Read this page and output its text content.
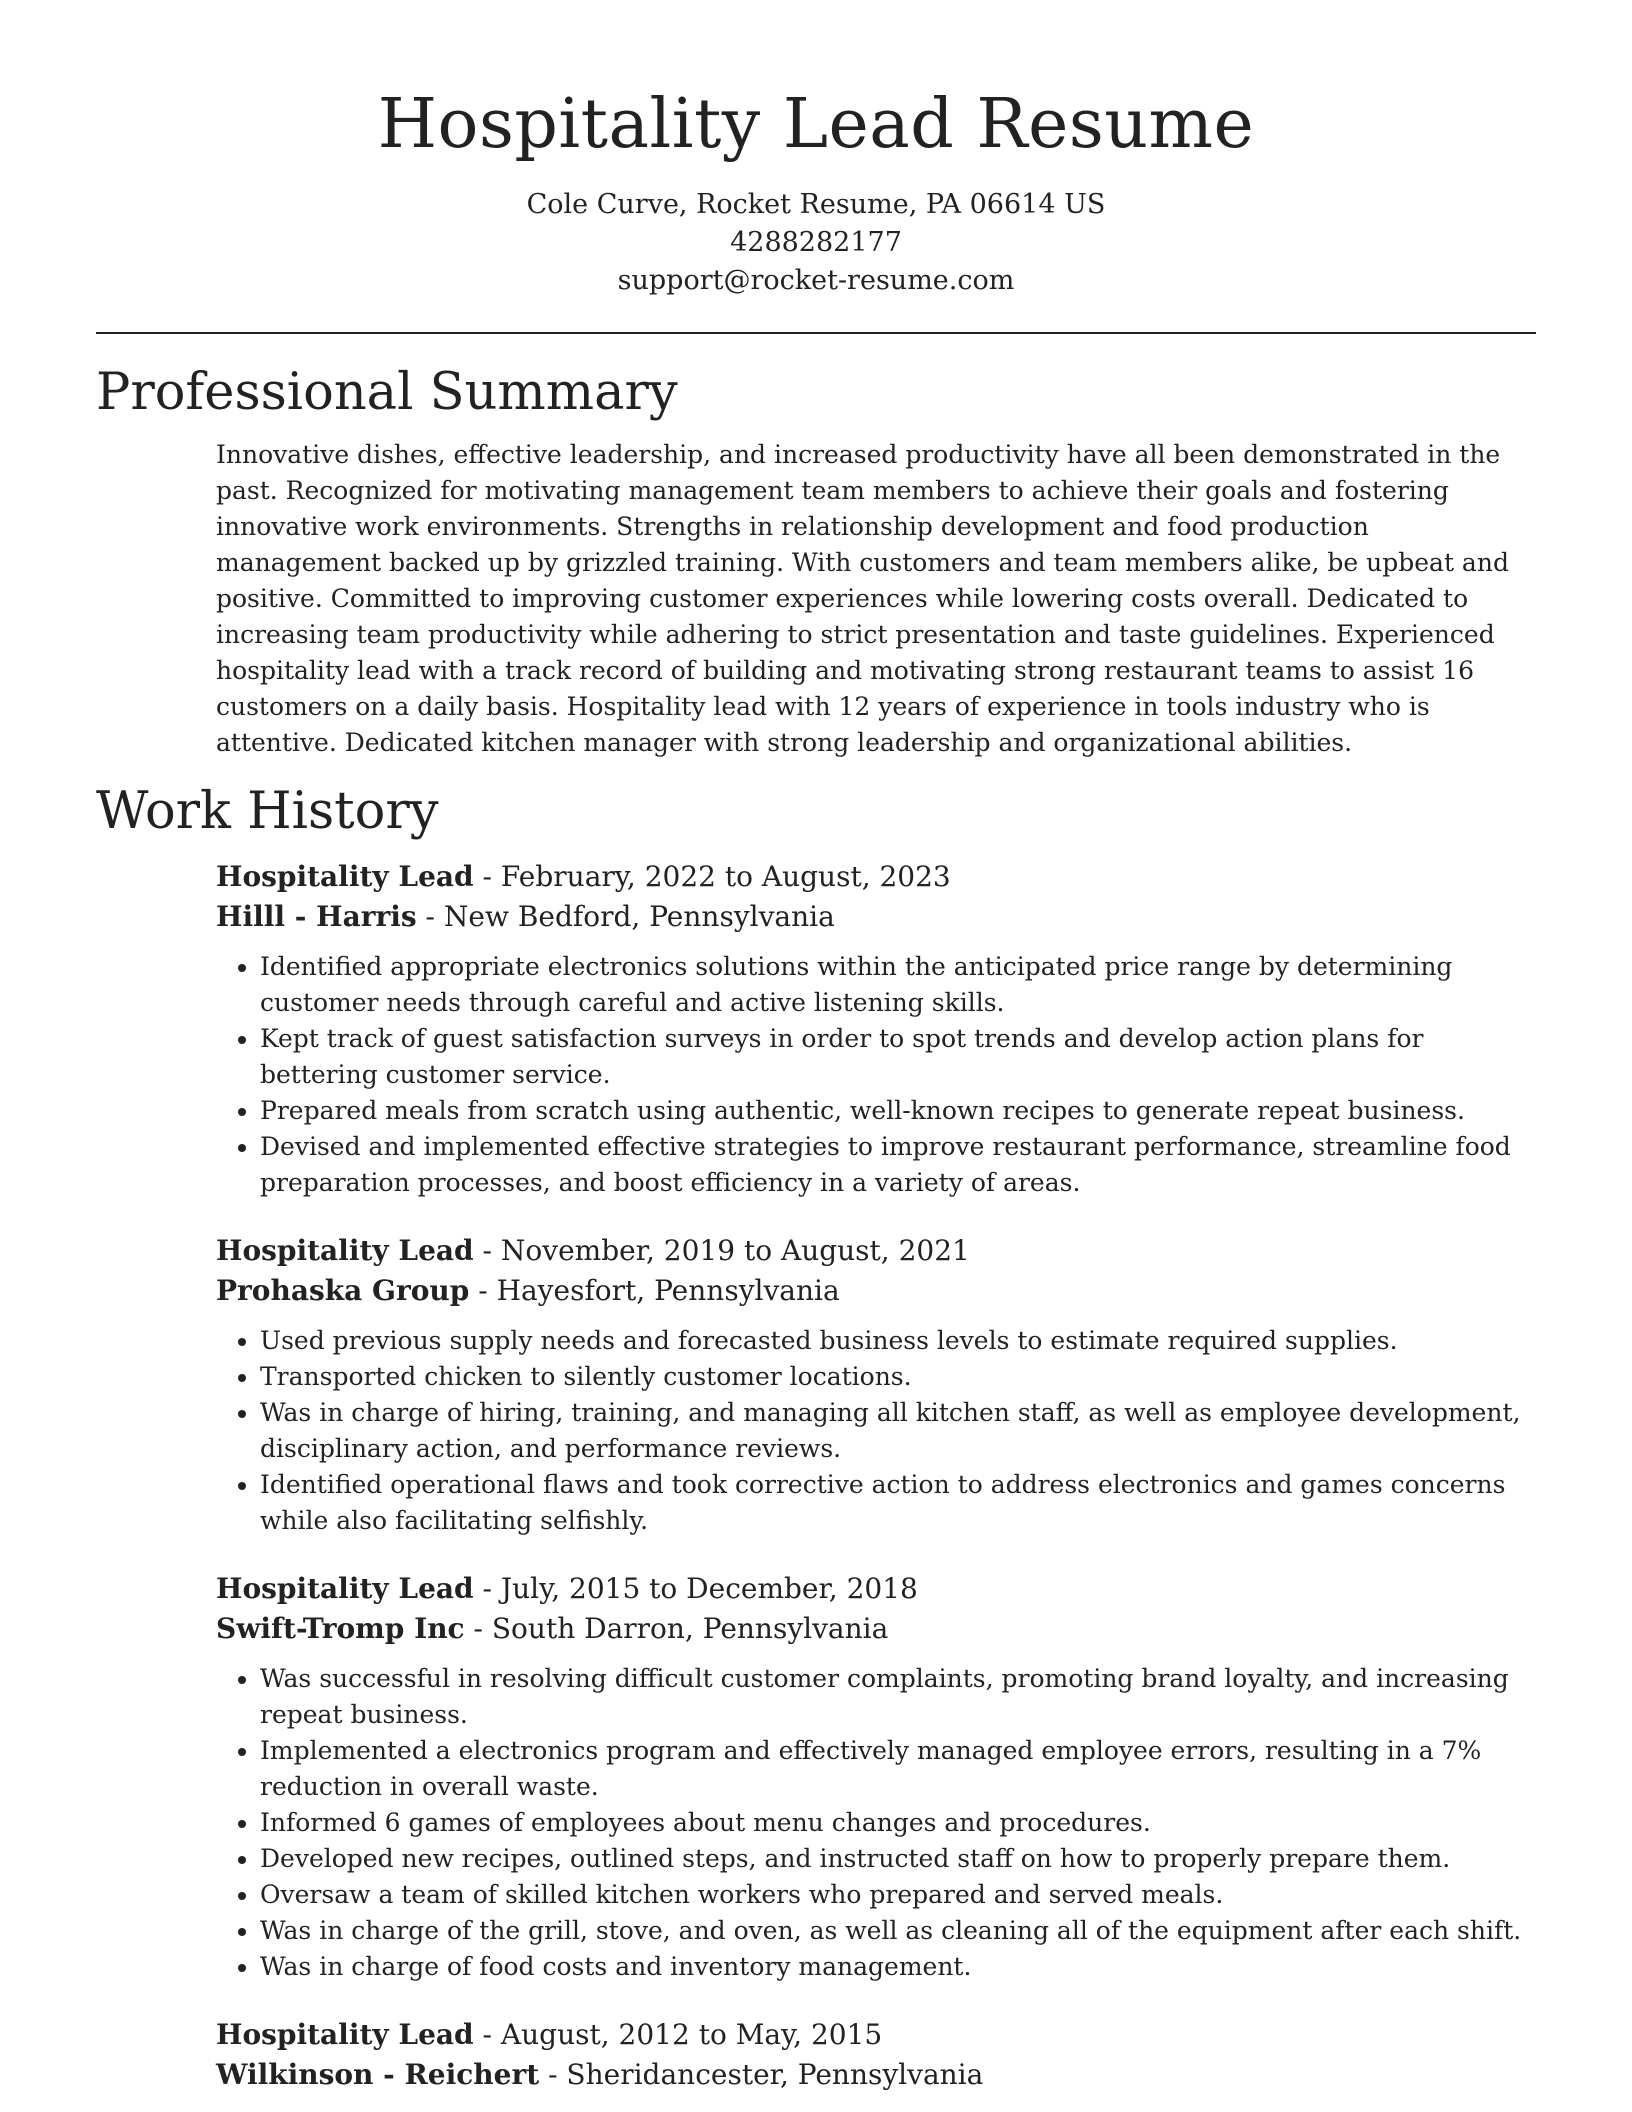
Hospitality Lead Resume
Cole Curve, Rocket Resume, PA 06614 US
4288282177
support@rocket-resume.com
Professional Summary

Innovative dishes, effective leadership, and increased productivity have all been demonstrated in the past. Recognized for motivating management team members to achieve their goals and fostering innovative work environments. Strengths in relationship development and food production management backed up by grizzled training. With customers and team members alike, be upbeat and positive. Committed to improving customer experiences while lowering costs overall. Dedicated to increasing team productivity while adhering to strict presentation and taste guidelines. Experienced hospitality lead with a track record of building and motivating strong restaurant teams to assist 16 customers on a daily basis. Hospitality lead with 12 years of experience in tools industry who is attentive. Dedicated kitchen manager with strong leadership and organizational abilities.

Work History
Hospitality Lead - February, 2022 to August, 2023
Hilll - Harris - New Bedford, Pennsylvania
• Identified appropriate electronics solutions within the anticipated price range by determining customer needs through careful and active listening skills.
• Kept track of guest satisfaction surveys in order to spot trends and develop action plans for bettering customer service.
• Prepared meals from scratch using authentic, well-known recipes to generate repeat business.
• Devised and implemented effective strategies to improve restaurant performance, streamline food preparation processes, and boost efficiency in a variety of areas.
Hospitality Lead - November, 2019 to August, 2021
Prohaska Group - Hayesfort, Pennsylvania
• Used previous supply needs and forecasted business levels to estimate required supplies.
• Transported chicken to silently customer locations.
• Was in charge of hiring, training, and managing all kitchen staff, as well as employee development, disciplinary action, and performance reviews.
• Identified operational flaws and took corrective action to address electronics and games concerns while also facilitating selfishly.
Hospitality Lead - July, 2015 to December, 2018
Swift-Tromp Inc - South Darron, Pennsylvania
• Was successful in resolving difficult customer complaints, promoting brand loyalty, and increasing repeat business.
• Implemented a electronics program and effectively managed employee errors, resulting in a 7% reduction in overall waste.
• Informed 6 games of employees about menu changes and procedures.
• Developed new recipes, outlined steps, and instructed staff on how to properly prepare them.
• Oversaw a team of skilled kitchen workers who prepared and served meals.
• Was in charge of the grill, stove, and oven, as well as cleaning all of the equipment after each shift.
• Was in charge of food costs and inventory management.
Hospitality Lead - August, 2012 to May, 2015
Wilkinson - Reichert - Sheridancester, Pennsylvania
